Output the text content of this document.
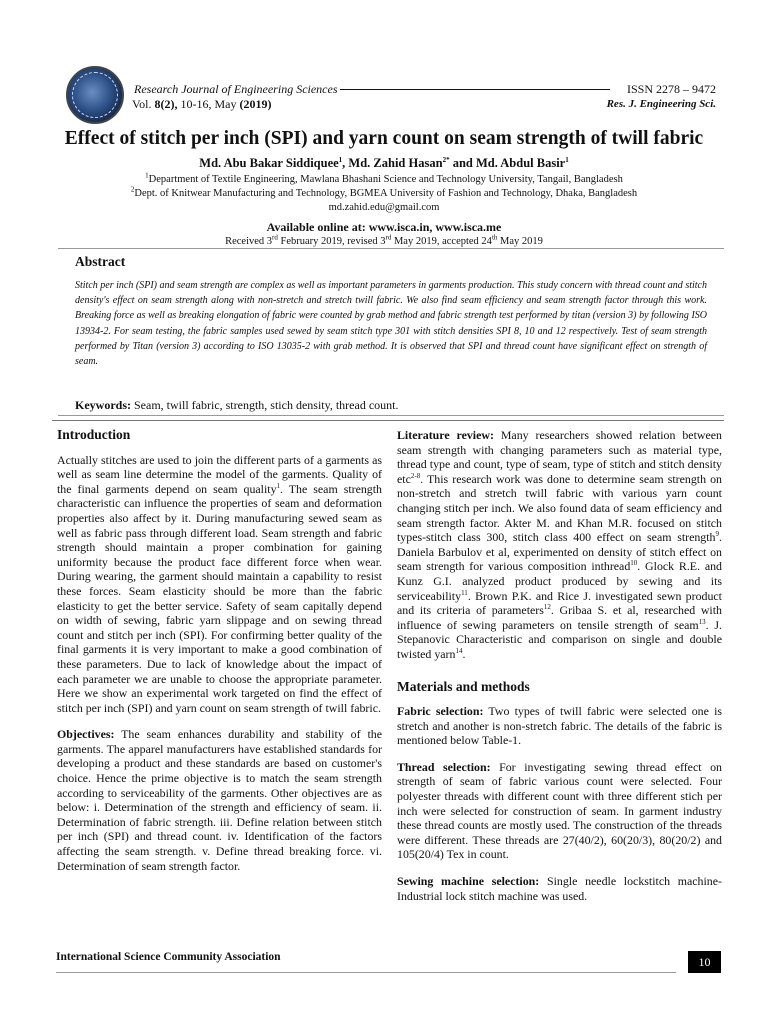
Research Journal of Engineering Sciences	ISSN 2278 – 9472
Vol. 8(2), 10-16, May (2019)	Res. J. Engineering Sci.
Effect of stitch per inch (SPI) and yarn count on seam strength of twill fabric
Md. Abu Bakar Siddiquee$^1$, Md. Zahid Hasan$^{2*}$ and Md. Abdul Basir$^1$
$^1$Department of Textile Engineering, Mawlana Bhashani Science and Technology University, Tangail, Bangladesh
$^2$Dept. of Knitwear Manufacturing and Technology, BGMEA University of Fashion and Technology, Dhaka, Bangladesh
md.zahid.edu@gmail.com
Available online at: www.isca.in, www.isca.me
Received 3rd February 2019, revised 3rd May 2019, accepted 24th May 2019
Abstract
Stitch per inch (SPI) and seam strength are complex as well as important parameters in garments production. This study concern with thread count and stitch density's effect on seam strength along with non-stretch and stretch twill fabric. We also find seam efficiency and seam strength factor through this work. Breaking force as well as breaking elongation of fabric were counted by grab method and fabric strength test performed by titan (version 3) by following ISO 13934-2. For seam testing, the fabric samples used sewed by seam stitch type 301 with stitch densities SPI 8, 10 and 12 respectively. Test of seam strength performed by Titan (version 3) according to ISO 13035-2 with grab method. It is observed that SPI and thread count have significant effect on strength of seam.
Keywords: Seam, twill fabric, strength, stich density, thread count.
Introduction

Actually stitches are used to join the different parts of a garments as well as seam line determine the model of the garments. Quality of the final garments depend on seam quality$^1$. The seam strength characteristic can influence the properties of seam and deformation properties also affect by it. During manufacturing sewed seam as well as fabric pass through different load. Seam strength and fabric strength should maintain a proper combination for gaining uniformity because the product face different force when wear. During wearing, the garment should maintain a capability to resist these forces. Seam elasticity should be more than the fabric elasticity to get the better service. Safety of seam capitally depend on width of sewing, fabric yarn slippage and on sewing thread count and stitch per inch (SPI). For confirming better quality of the final garments it is very important to make a good combination of these parameters. Due to lack of knowledge about the impact of each parameter we are unable to choose the appropriate parameter. Here we show an experimental work targeted on find the effect of stitch per inch (SPI) and yarn count on seam strength of twill fabric.

Objectives: The seam enhances durability and stability of the garments. The apparel manufacturers have established standards for developing a product and these standards are based on customer's choice. Hence the prime objective is to match the seam strength according to serviceability of the garments. Other objectives are as below: i. Determination of the strength and efficiency of seam. ii. Determination of fabric strength. iii. Define relation between stitch per inch (SPI) and thread count. iv. Identification of the factors affecting the seam strength. v. Define thread breaking force. vi. Determination of seam strength factor.

Literature review: Many researchers showed relation between seam strength with changing parameters such as material type, thread type and count, type of seam, type of stitch and stitch density etc$^{2-8}$. This research work was done to determine seam strength on non-stretch and stretch twill fabric with various yarn count changing stitch per inch. We also found data of seam efficiency and seam strength factor. Akter M. and Khan M.R. focused on stitch types-stitch class 300, stitch class 400 effect on seam strength$^9$. Daniela Barbulov et al, experimented on density of stitch effect on seam strength for various composition inthread$^{10}$. Glock R.E. and Kunz G.I. analyzed product produced by sewing and its serviceability$^{11}$. Brown P.K. and Rice J. investigated sewn product and its criteria of parameters$^{12}$. Gribaa S. et al, researched with influence of sewing parameters on tensile strength of seam$^{13}$. J. Stepanovic Characteristic and comparison on single and double twisted yarn$^{14}$.

Materials and methods

Fabric selection: Two types of twill fabric were selected one is stretch and another is non-stretch fabric. The details of the fabric is mentioned below Table-1.

Thread selection: For investigating sewing thread effect on strength of seam of fabric various count were selected. Four polyester threads with different count with three different stich per inch were selected for construction of seam. In garment industry these thread counts are mostly used. The construction of the threads were different. These threads are 27(40/2), 60(20/3), 80(20/2) and 105(20/4) Tex in count.

Sewing machine selection: Single needle lockstitch machine-Industrial lock stitch machine was used.

International Science Community Association	10
